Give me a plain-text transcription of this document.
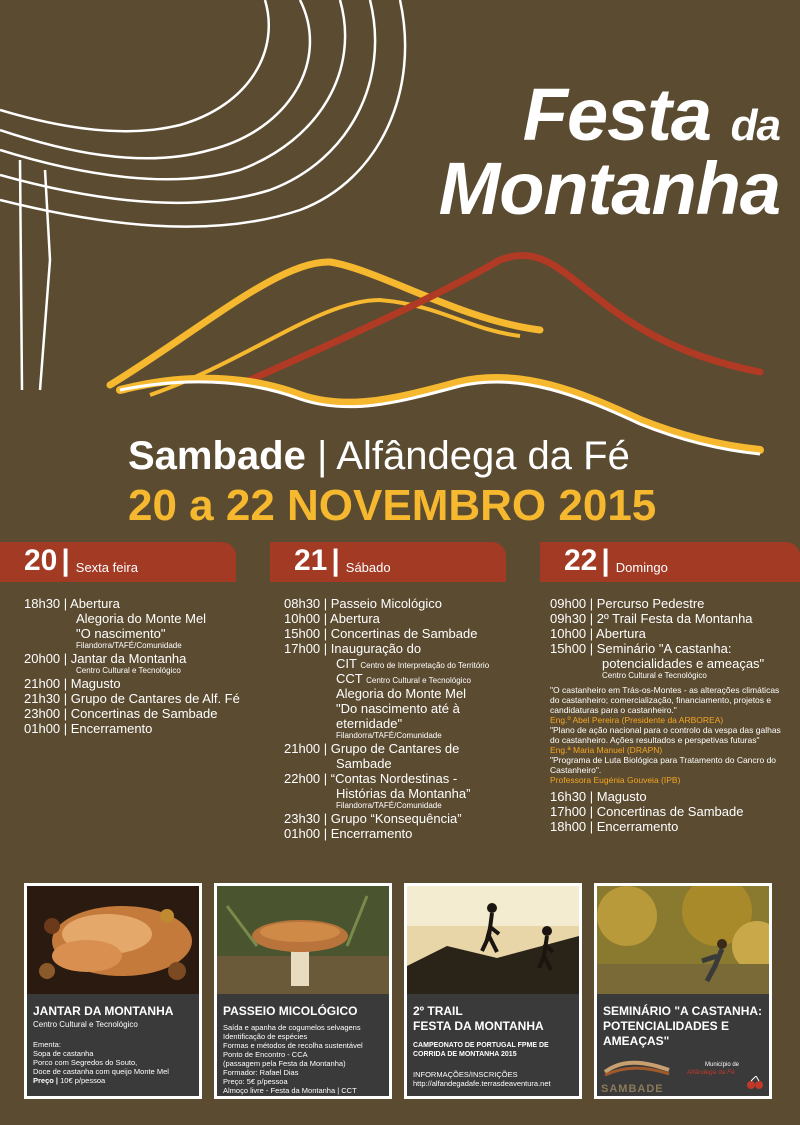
Festa da
Montanha
Sambade | Alfândega da Fé
20 a 22 NOVEMBRO 2015
20 | Sexta feira	21 | Sábado	22 | Domingo
18h30 | Abertura
Alegoria do Monte Mel
"O nascimento"
Filandorra/TAFÉ/Comunidade
20h00 | Jantar da Montanha
Centro Cultural e Tecnológico
21h00 | Magusto
21h30 | Grupo de Cantares de Alf. Fé
23h00 | Concertinas de Sambade
01h00 | Encerramento
08h30 | Passeio Micológico
10h00 | Abertura
15h00 | Concertinas de Sambade
17h00 | Inauguração do
CIT Centro de Interpretação do Território
CCT Centro Cultural e Tecnológico
Alegoria do Monte Mel
"Do nascimento até à
eternidade"
Filandorra/TAFÉ/Comunidade
21h00 | Grupo de Cantares de
Sambade
22h00 | “Contas Nordestinas -
Histórias da Montanha”
Filandorra/TAFÉ/Comunidade
23h30 | Grupo “Konsequência”
01h00 | Encerramento
09h00 | Percurso Pedestre
09h30 | 2º Trail Festa da Montanha
10h00 | Abertura
15h00 | Seminário "A castanha:
potencialidades e ameaças"
Centro Cultural e Tecnológico
"O castanheiro em Trás-os-Montes - as alterações climáticas do castanheiro; comercialização, financiamento, projetos e candidaturas para o castanheiro."
Eng.º Abel Pereira (Presidente da ARBOREA)
"Plano de ação nacional para o controlo da vespa das galhas do castanheiro. Ações resultados e perspetivas futuras"
Eng.ª Maria Manuel (DRAPN)
"Programa de Luta Biológica para Tratamento do Cancro do Castanheiro".
Professora Eugénia Gouveia (IPB)
16h30 | Magusto
17h00 | Concertinas de Sambade
18h00 | Encerramento
JANTAR DA MONTANHA
Centro Cultural e Tecnológico
Ementa:
Sopa de castanha
Porco com Segredos do Souto,
Doce de castanha com queijo Monte Mel
Preço | 10€ p/pessoa
PASSEIO MICOLÓGICO
Saída e apanha de cogumelos selvagens
Identificação de espécies
Formas e métodos de recolha sustentável
Ponto de Encontro - CCA
(passagem pela Festa da Montanha)
Formador: Rafael Dias
Preço: 5€ p/pessoa
Almoço livre - Festa da Montanha | CCT
2º TRAIL
FESTA DA MONTANHA
CAMPEONATO DE PORTUGAL FPME DE
CORRIDA DE MONTANHA 2015
INFORMAÇÕES/INSCRIÇÕES
http://alfandegadafe.terrasdeaventura.net
SEMINÁRIO "A CASTANHA:
POTENCIALIDADES E
AMEAÇAS"
SAMBADE
Município de
Alfândega da Fé
